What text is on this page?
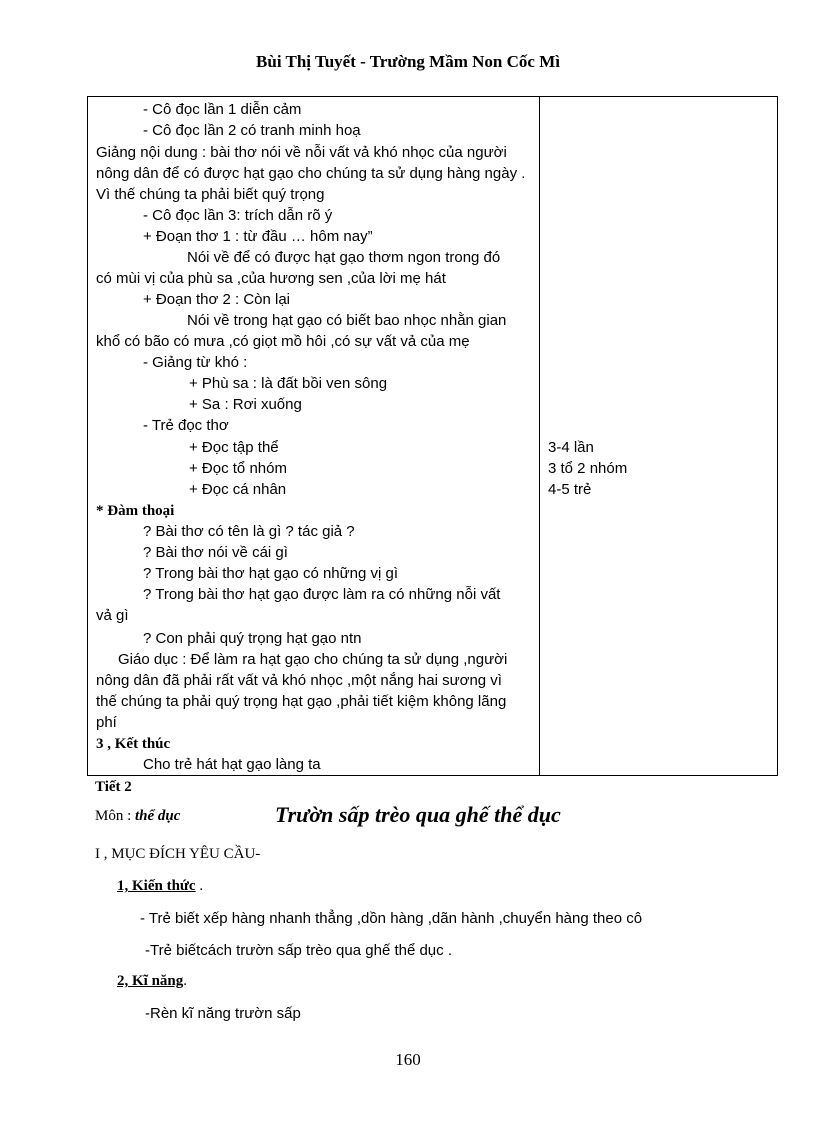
Bùi Thị Tuyết - Trường Mầm Non Cốc Mì
- Cô đọc lần 1 diễn cảm
- Cô đọc lần 2 có tranh minh hoạ
Giảng nội dung : bài thơ nói về nỗi vất vả khó nhọc của người
nông dân để có được hạt gạo cho chúng ta sử dụng hàng ngày .
Vì thế chúng ta phải biết quý trọng
- Cô đọc lần 3: trích dẫn rõ ý
+ Đoạn thơ 1 : từ đầu … hôm nay”
Nói về để có được hạt gạo thơm ngon trong đó
có mùi vị của phù sa ,của hương sen ,của lời mẹ hát
+ Đoạn thơ 2 : Còn lại
Nói về trong hạt gạo có biết bao nhọc nhằn gian
khổ có bão có mưa ,có giọt mồ hôi ,có sự vất vả của mẹ
- Giảng từ khó :
+ Phù sa : là đất bồi ven sông
+ Sa : Rơi xuống
- Trẻ đọc thơ
+ Đọc tập thể
+ Đọc tổ nhóm
+ Đọc cá nhân
* Đàm thoại
? Bài thơ có tên là gì ? tác giả ?
? Bài thơ nói về cái gì
? Trong bài thơ hạt gạo có những vị gì
? Trong bài thơ hạt gạo được làm ra có những nỗi vất
vả gì
? Con phải quý trọng hạt gạo ntn
Giáo dục : Để làm ra hạt gạo cho chúng ta sử dụng ,người
nông dân đã phải rất vất vả khó nhọc ,một nắng hai sương vì
thế chúng ta phải quý trọng hạt gạo ,phải tiết kiệm không lãng
phí
3 , Kết thúc
Cho trẻ hát hạt gạo làng ta
3-4 lần
3 tổ 2 nhóm
4-5 trẻ
Tiết 2
Môn : thể dục	Trườn sấp trèo qua ghế thể dục
I , MỤC ĐÍCH YÊU CẦU-
1, Kiến thức .
- Trẻ biết xếp hàng nhanh thẳng ,dồn hàng ,dãn hành ,chuyển hàng theo cô
-Trẻ biếtcách trườn sấp trèo qua ghế thể dục .
2, Kĩ năng.
-Rèn kĩ năng trườn sấp
160
